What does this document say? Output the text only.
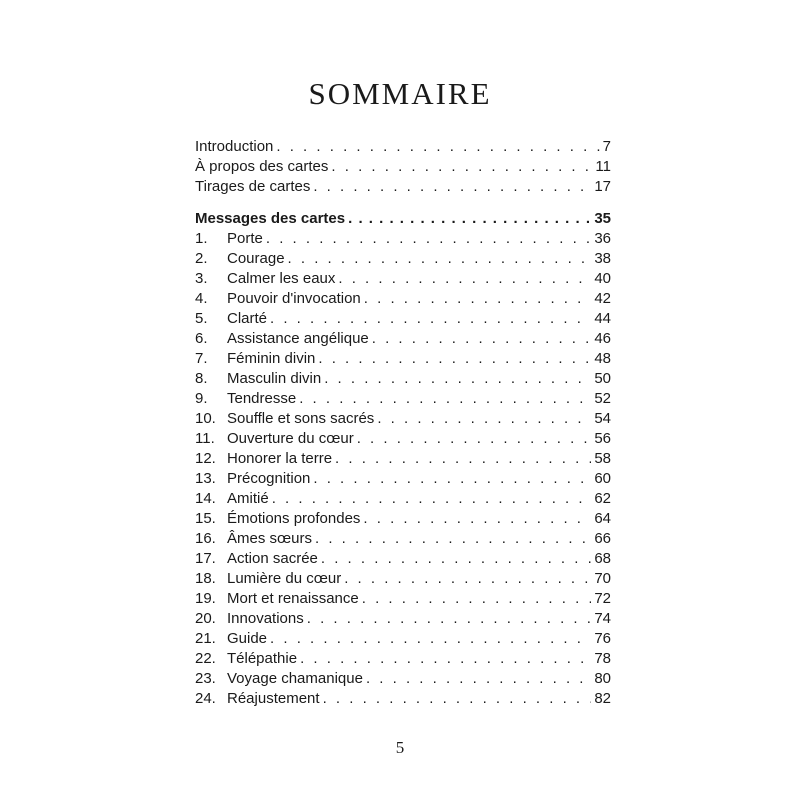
SOMMAIRE
Introduction . . .	7
À propos des cartes . . .	11
Tirages de cartes . . .	17
Messages des cartes . . .	35
1.	Porte . . .	36
2.	Courage . . .	38
3.	Calmer les eaux . . .	40
4.	Pouvoir d'invocation . . .	42
5.	Clarté . . .	44
6.	Assistance angélique . . .	46
7.	Féminin divin . . .	48
8.	Masculin divin . . .	50
9.	Tendresse . . .	52
10. Souffle et sons sacrés . . .	54
11. Ouverture du cœur . . .	56
12. Honorer la terre . . .	58
13. Précognition . . .	60
14. Amitié . . .	62
15. Émotions profondes . . .	64
16. Âmes sœurs . . .	66
17. Action sacrée . . .	68
18. Lumière du cœur . . .	70
19. Mort et renaissance . . .	72
20. Innovations . . .	74
21. Guide . . .	76
22. Télépathie . . .	78
23. Voyage chamanique . . .	80
24. Réajustement . . .	82
5
